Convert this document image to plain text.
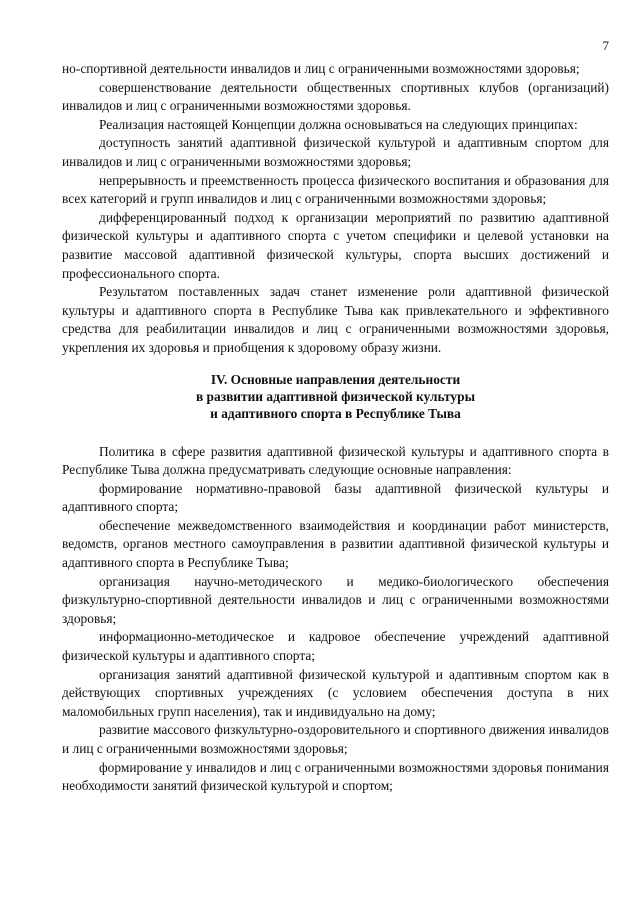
7

но-спортивной деятельности инвалидов и лиц с ограниченными возможностями здоровья;

совершенствование деятельности общественных спортивных клубов (организаций) инвалидов и лиц с ограниченными возможностями здоровья.

Реализация настоящей Концепции должна основываться на следующих принципах:

доступность занятий адаптивной физической культурой и адаптивным спортом для инвалидов и лиц с ограниченными возможностями здоровья;

непрерывность и преемственность процесса физического воспитания и образования для всех категорий и групп инвалидов и лиц с ограниченными возможностями здоровья;

дифференцированный подход к организации мероприятий по развитию адаптивной физической культуры и адаптивного спорта с учетом специфики и целевой установки на развитие массовой адаптивной физической культуры, спорта высших достижений и профессионального спорта.

Результатом поставленных задач станет изменение роли адаптивной физической культуры и адаптивного спорта в Республике Тыва как привлекательного и эффективного средства для реабилитации инвалидов и лиц с ограниченными возможностями здоровья, укрепления их здоровья и приобщения к здоровому образу жизни.

IV. Основные направления деятельности
в развитии адаптивной физической культуры
и адаптивного спорта в Республике Тыва

Политика в сфере развития адаптивной физической культуры и адаптивного спорта в Республике Тыва должна предусматривать следующие основные направления:

формирование нормативно-правовой базы адаптивной физической культуры и адаптивного спорта;

обеспечение межведомственного взаимодействия и координации работ министерств, ведомств, органов местного самоуправления в развитии адаптивной физической культуры и адаптивного спорта в Республике Тыва;

организация научно-методического и медико-биологического обеспечения физкультурно-спортивной деятельности инвалидов и лиц с ограниченными возможностями здоровья;

информационно-методическое и кадровое обеспечение учреждений адаптивной физической культуры и адаптивного спорта;

организация занятий адаптивной физической культурой и адаптивным спортом как в действующих спортивных учреждениях (с условием обеспечения доступа в них маломобильных групп населения), так и индивидуально на дому;

развитие массового физкультурно-оздоровительного и спортивного движения инвалидов и лиц с ограниченными возможностями здоровья;

формирование у инвалидов и лиц с ограниченными возможностями здоровья понимания необходимости занятий физической культурой и спортом;
